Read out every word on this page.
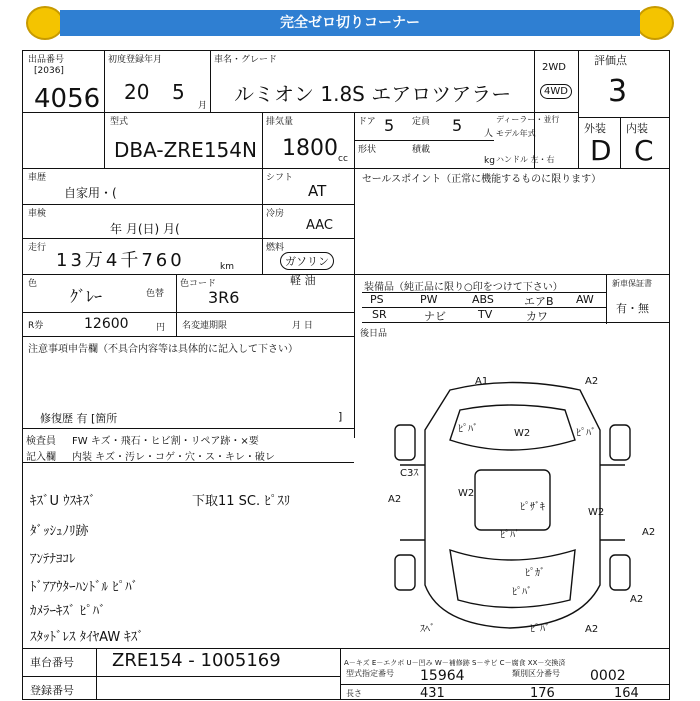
完全ゼロ切りコーナー
出品番号
[2036]
4056
初度登録年月
20 5
月
車名・グレード
ルミオン 1.8S エアロツアラー
2WD
4WD
評価点
3
型式
DBA-ZRE154N
排気量
1800 cc
ドア 5 定員 5 人
ディーラー・並行
モデル年式
ハンドル 左・右
形状	積載
kg
外装 内装
D C
車歴
自家用・(
車検
年 月(日) 月(
走行
13万4千760	km
色
ｸﾞﾚｰ	色替
色コード
3R6
R券	12600	円 名変連期限	月 日
シフト
AT
冷房
AAC
燃料
ガソリン
軽 油
セールスポイント（正常に機能するものに限ります）
装備品（純正品に限り○印をつけて下さい）	新車保証書
有・無
PS	PW	ABS	エアB AW
SR	ナビ	TV	カワ
後日品
注意事項申告欄（不具合内容等は具体的に記入して下さい）
修復歴 有 [箇所	]
検査員 FW キズ・飛石・ヒビ割・リペア跡・×要
記入欄 内装 キズ・汚レ・コゲ・穴・ス・キレ・破レ
ｷｽﾞU ｳｽｷｽﾞ	下取11 SC. ﾋﾟｽﾘ
ﾀﾞｯｼｭﾉﾘ跡
ｱﾝﾃﾅﾖｺﾚ
ﾄﾞｱｱｳﾀｰﾊﾝﾄﾞﾙ ﾋﾟﾊﾞ
ｶﾒﾗｰｷｽﾞ ﾋﾟﾊﾞ
ｽﾀｯﾄﾞﾚｽ ﾀｲﾔAW ｷｽﾞ
A1	A2
ﾋﾟﾊﾞ	W2	ﾋﾟﾊﾞ
C3ｽ
A2
W2
ﾋﾟｻﾞｷ	W2
A2
ﾋﾟﾊﾞ
ﾋﾟｶﾞ
ﾋﾟﾊﾞ
A2
ﾋﾟﾊﾞ	A2
ｽﾍﾞ
A－キズ E－エクボ U－凹み W－補修跡 S－サビ C－腐食 XX－交換済
車台番号 ZRE154 - 1005169
登録番号
型式指定番号 15964	類別区分番号 0002
長さ	431	176	164
